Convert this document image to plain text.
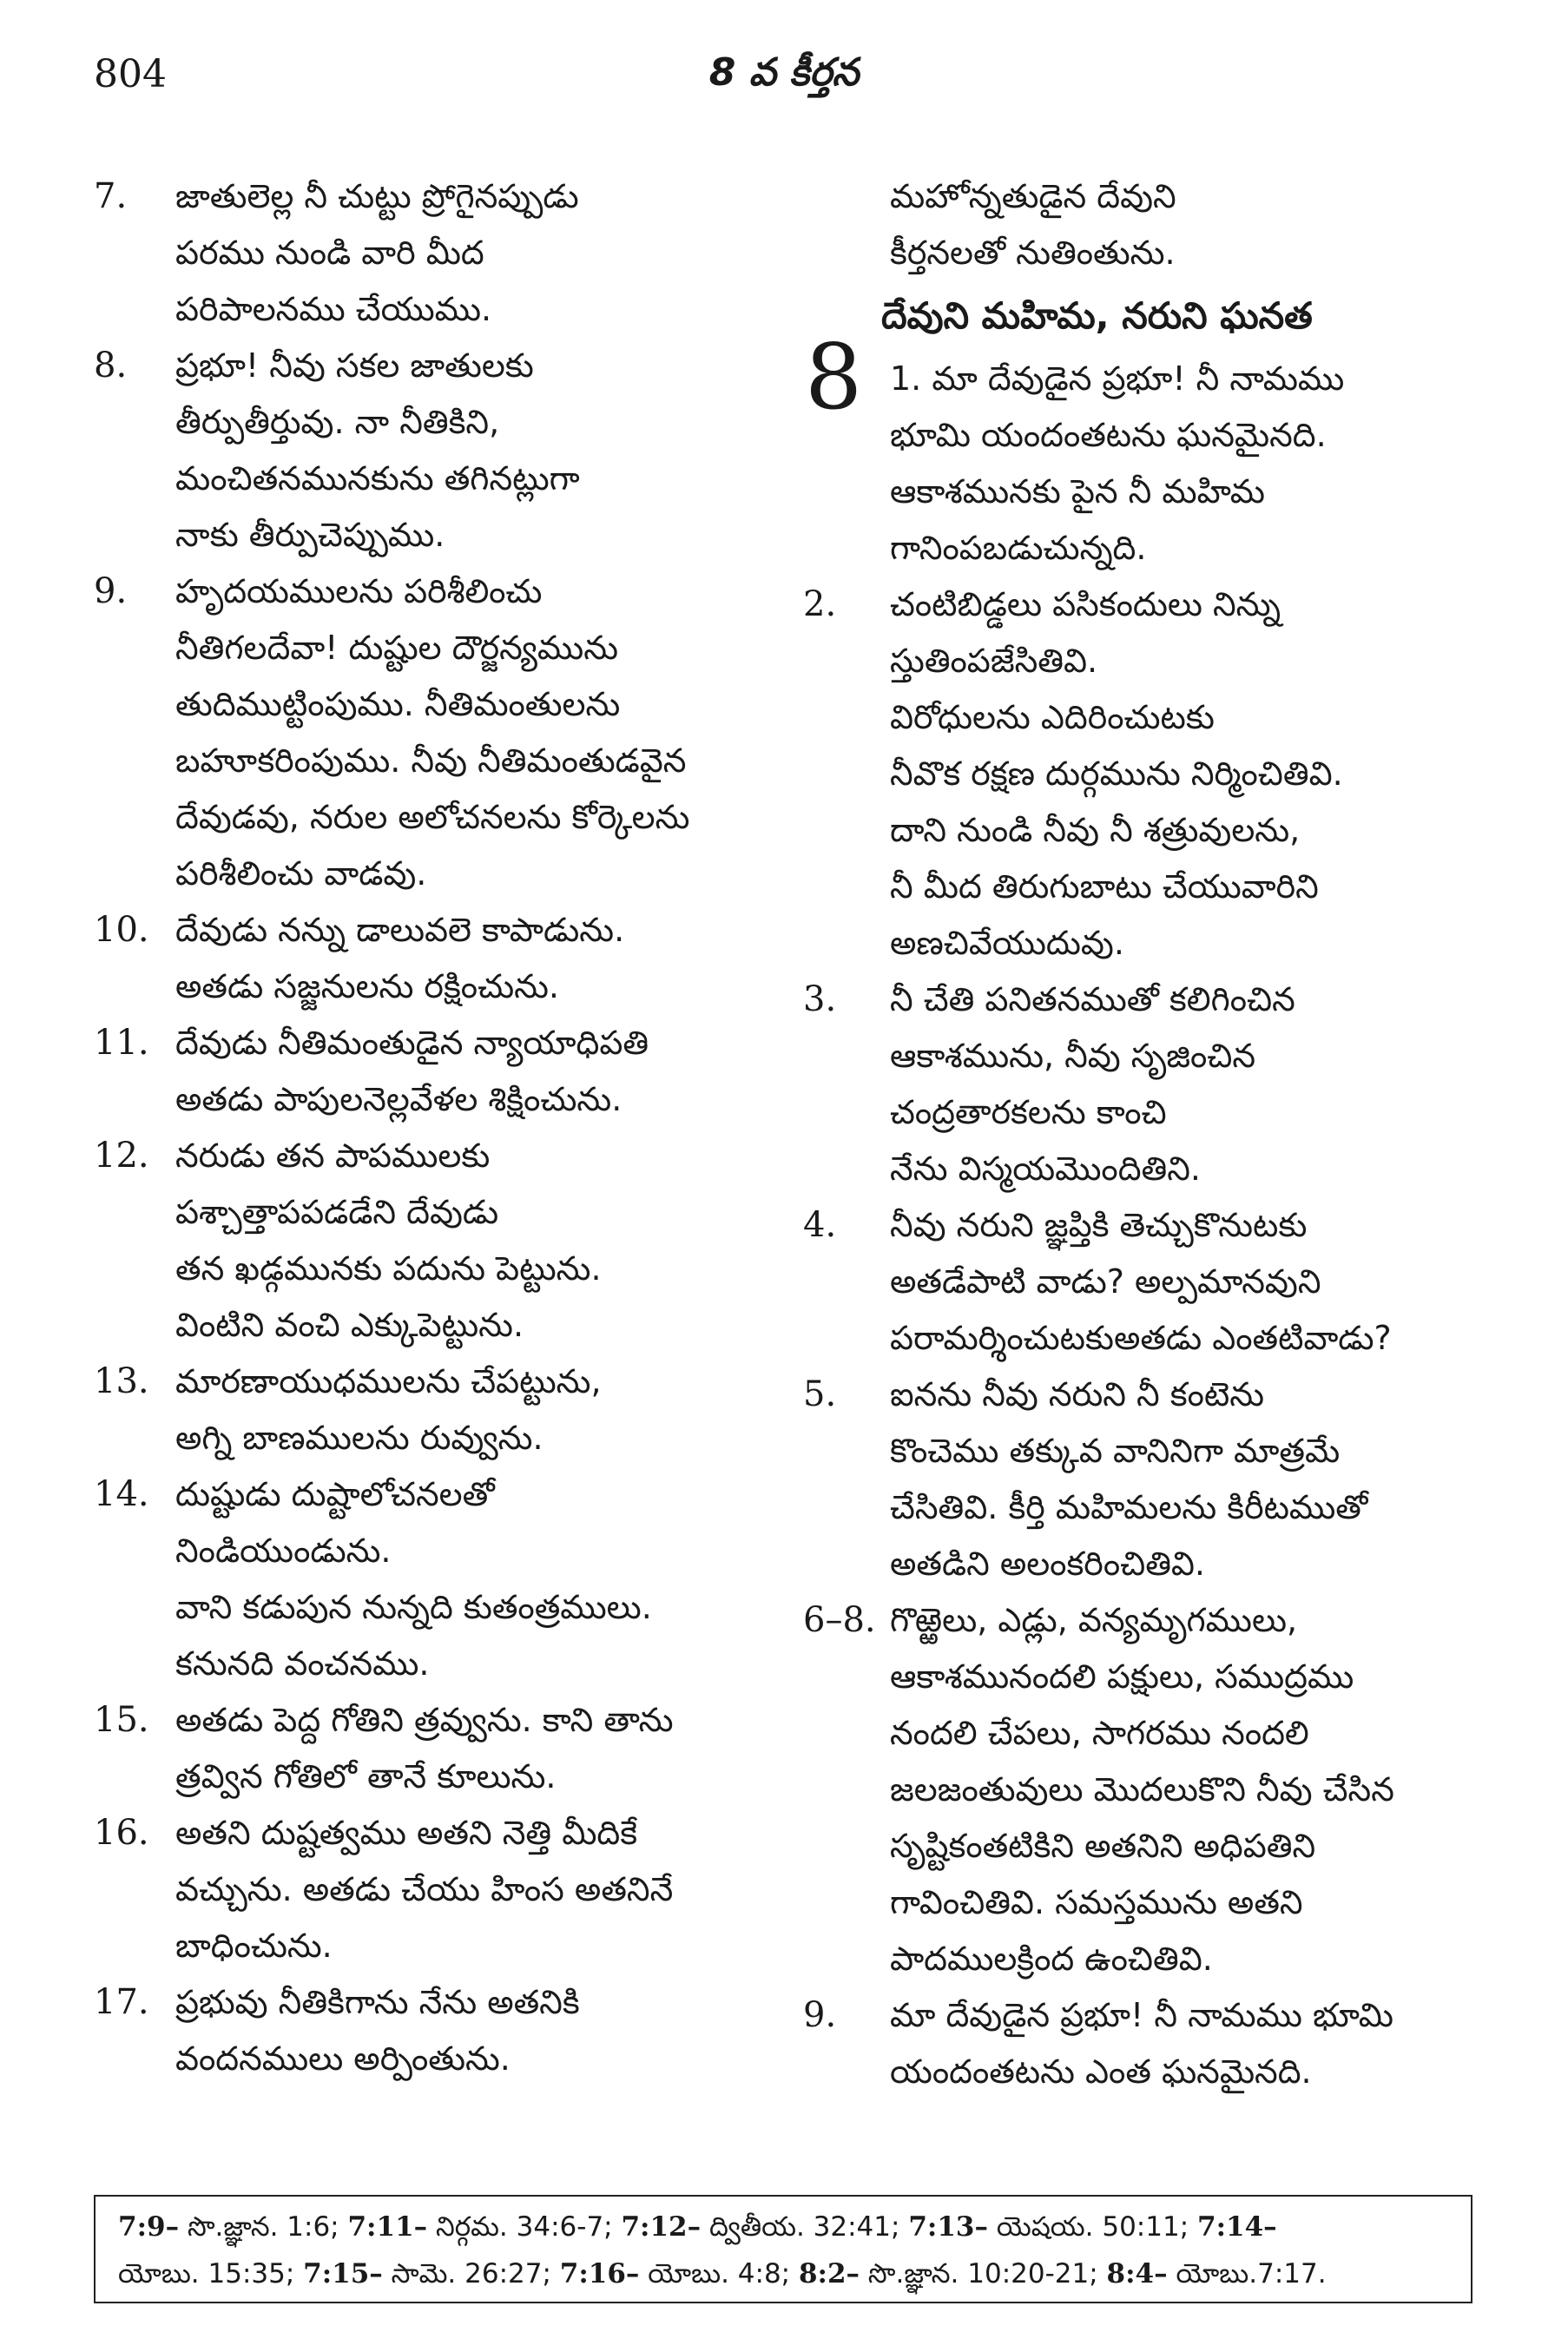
804	8 వ కీర్తన
7. జాతులెల్ల నీ చుట్టు ప్రోగైనప్పుడు
పరము నుండి వారి మీద
పరిపాలనము చేయుము.
8. ప్రభూ! నీవు సకల జాతులకు
తీర్పుతీర్తువు. నా నీతికిని,
మంచితనమునకును తగినట్లుగా
నాకు తీర్పుచెప్పుము.
9. హృదయములను పరిశీలించు
నీతిగలదేవా! దుష్టుల దౌర్జన్యమును
తుదిముట్టింపుము. నీతిమంతులను
బహూకరింపుము. నీవు నీతిమంతుడవైన
దేవుడవు, నరుల అలోచనలను కోర్కెలను
పరిశీలించు వాడవు.
10. దేవుడు నన్ను డాలువలె కాపాడును.
అతడు సజ్జనులను రక్షించును.
11. దేవుడు నీతిమంతుడైన న్యాయాధిపతి
అతడు పాపులనెల్లవేళల శిక్షించును.
12. నరుడు తన పాపములకు
పశ్చాత్తాపపడడేని దేవుడు
తన ఖడ్గమునకు పదును పెట్టును.
వింటిని వంచి ఎక్కుపెట్టును.
13. మారణాయుధములను చేపట్టును,
అగ్ని బాణములను రువ్వును.
14. దుష్టుడు దుష్టాలోచనలతో
నిండియుండును.
వాని కడుపున నున్నది కుతంత్రములు.
కనునది వంచనము.
15. అతడు పెద్ద గోతిని త్రవ్వును. కాని తాను
త్రవ్విన గోతిలో తానే కూలును.
16. అతని దుష్టత్వము అతని నెత్తి మీదికే
వచ్చును. అతడు చేయు హింస అతనినే
బాధించును.
17. ప్రభువు నీతికిగాను నేను అతనికి
వందనములు అర్పింతును.
మహోన్నతుడైన దేవుని
కీర్తనలతో నుతింతును.
దేవుని మహిమ, నరుని ఘనత
8 1. మా దేవుడైన ప్రభూ! నీ నామము
భూమి యందంతటను ఘనమైనది.
ఆకాశమునకు పైన నీ మహిమ
గానింపబడుచున్నది.
2. చంటిబిడ్డలు పసికందులు నిన్ను
స్తుతింపజేసితివి.
విరోధులను ఎదిరించుటకు
నీవొక రక్షణ దుర్గమును నిర్మించితివి.
దాని నుండి నీవు నీ శత్రువులను,
నీ మీద తిరుగుబాటు చేయువారిని
అణచివేయుదువు.
3. నీ చేతి పనితనముతో కలిగించిన
ఆకాశమును, నీవు సృజించిన
చంద్రతారకలను కాంచి
నేను విస్మయమొందితిని.
4. నీవు నరుని జ్ఞప్తికి తెచ్చుకొనుటకు
అతడేపాటి వాడు? అల్పమానవుని
పరామర్శించుటకుఅతడు ఎంతటివాడు?
5. ఐనను నీవు నరుని నీ కంటెను
కొంచెము తక్కువ వానినిగా మాత్రమే
చేసితివి. కీర్తి మహిమలను కిరీటముతో
అతడిని అలంకరించితివి.
6–8. గొఱ్ఱెలు, ఎడ్లు, వన్యమృగములు,
ఆకాశమునందలి పక్షులు, సముద్రము
నందలి చేపలు, సాగరము నందలి
జలజంతువులు మొదలుకొని నీవు చేసిన
సృష్టికంతటికిని అతనిని అధిపతిని
గావించితివి. సమస్తమును అతని
పాదములక్రింద ఉంచితివి.
9. మా దేవుడైన ప్రభూ! నీ నామము భూమి
యందంతటను ఎంత ఘనమైనది.
7:9– సొ.జ్ఞాన. 1:6; 7:11– నిర్గమ. 34:6-7; 7:12– ద్వితీయ. 32:41; 7:13– యెషయ. 50:11; 7:14–
యోబు. 15:35; 7:15– సామె. 26:27; 7:16– యోబు. 4:8; 8:2– సొ.జ్ఞాన. 10:20-21; 8:4– యోబు.7:17.
